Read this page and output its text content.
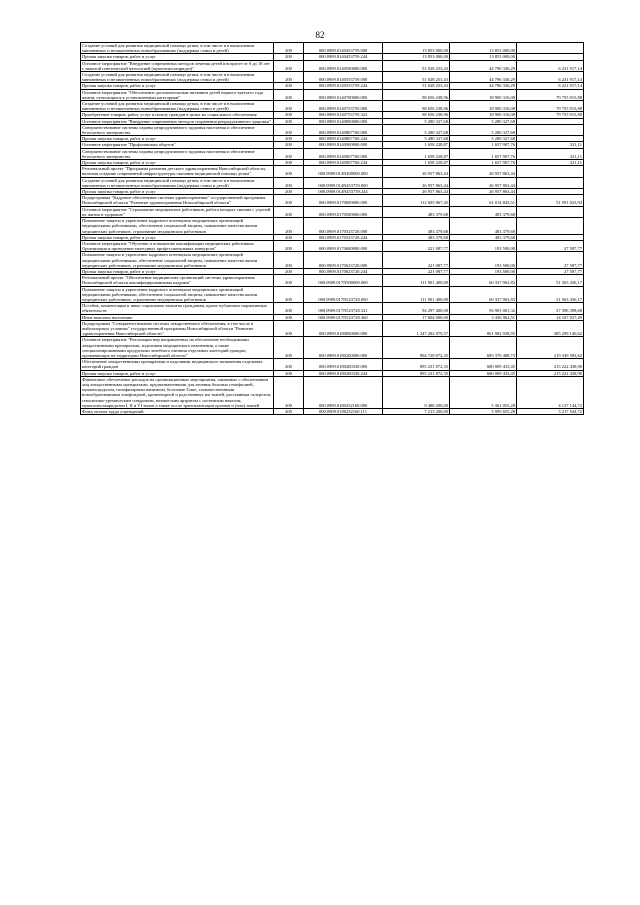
82
Создание условий для развития медицинской помощи детям, в том числе и в выполнении миновенных и незаконченных новообразованиях (поддержка семьи и детей)	200	000.0909.0140453759.000	13 853 000,00	13 853 000,00	
Прочая закупка товаров, работ и услуг	200	000.0909.0140453759.244	13 853 000,00	13 853 000,00	
Основное мероприятие "Внедрение современных методов лечения детей в возрасте от 0 до 18 лет с тяжелой генетической патологией (мукополисахаридоз)"	200	000.0909.0140500000.000	51 028 253,43	44 796 336,29	6 231 917,14
Создание условий для развития медицинской помощи детям, в том числе и в выполнении миновенных и незаконченных новообразованиях (поддержка семьи и детей)	200	000.0909.0140553759.000	51 028 253,43	44 796 336,29	6 231 917,14
Прочая закупка товаров, работ и услуг	200	000.0909.0140553759.244	51 028 253,43	44 796 336,29	6 231 917,14
Основное мероприятие "Обеспечение дополнительным питанием детей первого-третьего года жизни, относящихся к установленным категориям"	200	000.0909.0140700000.000	98 656 238,96	18 900 316,08	79 755 915,88
Создание условий для развития медицинской помощи детям, в том числе и в выполнении миновенных и незаконченных новообразованиях (поддержка семьи и детей)	200	000.0909.0140753759.000	98 656 238,96	18 900 316,08	79 755 915,88
Приобретение товаров, работ, услуг в пользу граждан в целях их социального обеспечения	200	000.0909.0140753759.323	98 656 238,96	18 900 316,08	79 755 915,88
Основное мероприятие "Внедрение современных методов сохранения репродуктивного здоровья"	200	000.0909.0140800000.000	5 280 327,68	5 280 327,68	
Совершенствование системы охраны репродуктивного здоровья населения и обеспечение безопасного материнства	200	000.0909.0140807760.000	5 280 327,68	5 280 327,68	
Прочая закупка товаров, работ и услуг	200	000.0909.0140807760.244	5 280 327,68	5 280 327,68	
Основное мероприятие "Профилактика абортов"	200	000.0909.0140900000.000	1 658 228,87	1 657 907,76	321,11
Совершенствование системы охраны репродуктивного здоровья населения и обеспечение безопасного материнства	200	000.0909.0140907760.000	1 658 228,87	1 657 907,76	321,11
Прочая закупка товаров, работ и услуг	200	000.0909.0140907760.244	1 658 228,87	1 657 907,76	321,11
Региональный проект "Программа развития детского здравоохранения Новосибирской области, включая создание современной инфраструктуры оказания медицинской помощи детям"	200	000.0909.014N400000.000	26 957 863,44	26 957 863,44	
Создание условий для развития медицинской помощи детям, в том числе и в выполнении миновенных и незаконченных новообразованиях (поддержка семьи и детей)	200	000.0909.014N453759.000	26 957 863,44	26 957 863,44	
Прочая закупка товаров, работ и услуг	200	000.0909.014N453759.244	26 957 863,44	26 957 863,44	
Подпрограмма "Кадровое обеспечение системы здравоохранения" государственной программы Новосибирской области "Развитие здравоохранения Новосибирской области"	200	000.0909.0170000000.000	112 605 867,45	61 014 843,51	51 591 023,94
Основное мероприятие "Страхование медицинских работников, работа которых связана с угрозой их жизни и здоровью"	200	000.0909.0170500000.000	483 379,68	483 379,68	
Повышение защиты и укрепление кадрового потенциала медицинских организаций медицинскими работниками, обеспечение социальной защиты, повышение качества жизни медицинских работников, страхование медицинских работников	200	000.0909.0170523720.000	483 379,68	483 379,68	
Прочая закупка товаров, работ и услуг	200	000.0909.0170523720.244	483 379,68	483 379,68	
Основное мероприятие "Обучение и повышение квалификации медицинских работников. Организация и проведение ежегодных профессиональных конкурсов"	200	000.0909.0170600000.000	221 087,77	193 500,00	27 587,77
Повышение защиты и укрепление кадрового потенциала медицинских организаций медицинскими работниками, обеспечение социальной защиты, повышение качества жизни медицинских работников, страхование медицинских работников	200	000.0909.0170623720.000	221 087,77	193 500,00	27 587,77
Прочая закупка товаров, работ и услуг	200	000.0909.0170623720.244	221 087,77	193 500,00	27 587,77
Региональный проект "Обеспечение медицинских организаций системы здравоохранения Новосибирской области квалифицированными кадрами"	200	000.0909.017N500000.000	111 901 400,00	60 337 963,83	51 563 436,17
Повышение защиты и укрепление кадрового потенциала медицинских организаций медицинскими работниками, обеспечение социальной защиты, повышение качества жизни медицинских работников, страхование медицинских работников	200	000.0909.017N523720.000	111 901 400,00	60 337 963,83	51 563 436,17
Пособия, компенсации и иные социальные выплаты гражданам, кроме публичных нормативных обязательств	200	000.0909.017N523720.321	94 297 400,00	56 901 001,32	37 396 398,68
Иные выплаты населению	200	000.0909.017N523720.360	17 604 000,00	3 436 962,51	14 167 037,49
Подпрограмма "Совершенствование системы лекарственного обеспечения, в том числе в амбулаторных условиях" государственной программы Новосибирской области "Развитие здравоохранения Новосибирской области"	200	000.0909.0180000000.000	1 247 282 079,57	861 982 938,95	385 299 140,62
Основное мероприятие "Реализация мер направленных на обеспечение необходимыми лекарственными препаратами, изделиями медицинского назначения, а также специализированными продуктами лечебного питания отдельных категорий граждан, проживающих на территории Новосибирской области"	200	000.0909.0180200000.000	904 720 072,35	685 370 488,73	219 349 583,62
Обеспечение лекарственными препаратами и изделиями медицинского назначения отдельных категорий граждан	200	000.0909.0180200330.000	895 231 872,35	680 009 433,45	215 222 438,90
Прочая закупка товаров, работ и услуг	200	000.0909.0180200330.244	895 231 872,35	680 009 433,45	215 222 438,90
Финансовое обеспечение расходов на организационные мероприятия, связанные с обеспечением лиц лекарственными препаратами, предназначенными для лечения больных гемофилией, муковисцидозом, гипофизарным нанизмом, болезнью Гоше, злокачественными новообразованиями лимфоидной, кроветворной и родственных им тканей, рассеянным склерозом, гемолитико-уремическим синдромом, юношеским артритом с системным началом, мукополисахаридозом I, II и VI типов а также после трансплантации органов и (или) тканей	200	000.0909.0180252160.000	9 488 200,00	5 361 055,28	4 127 144,72
Фонд оплаты труда учреждений	200	000.0909.0180252160.111	7 213 200,00	3 995 655,28	3 217 544,72
